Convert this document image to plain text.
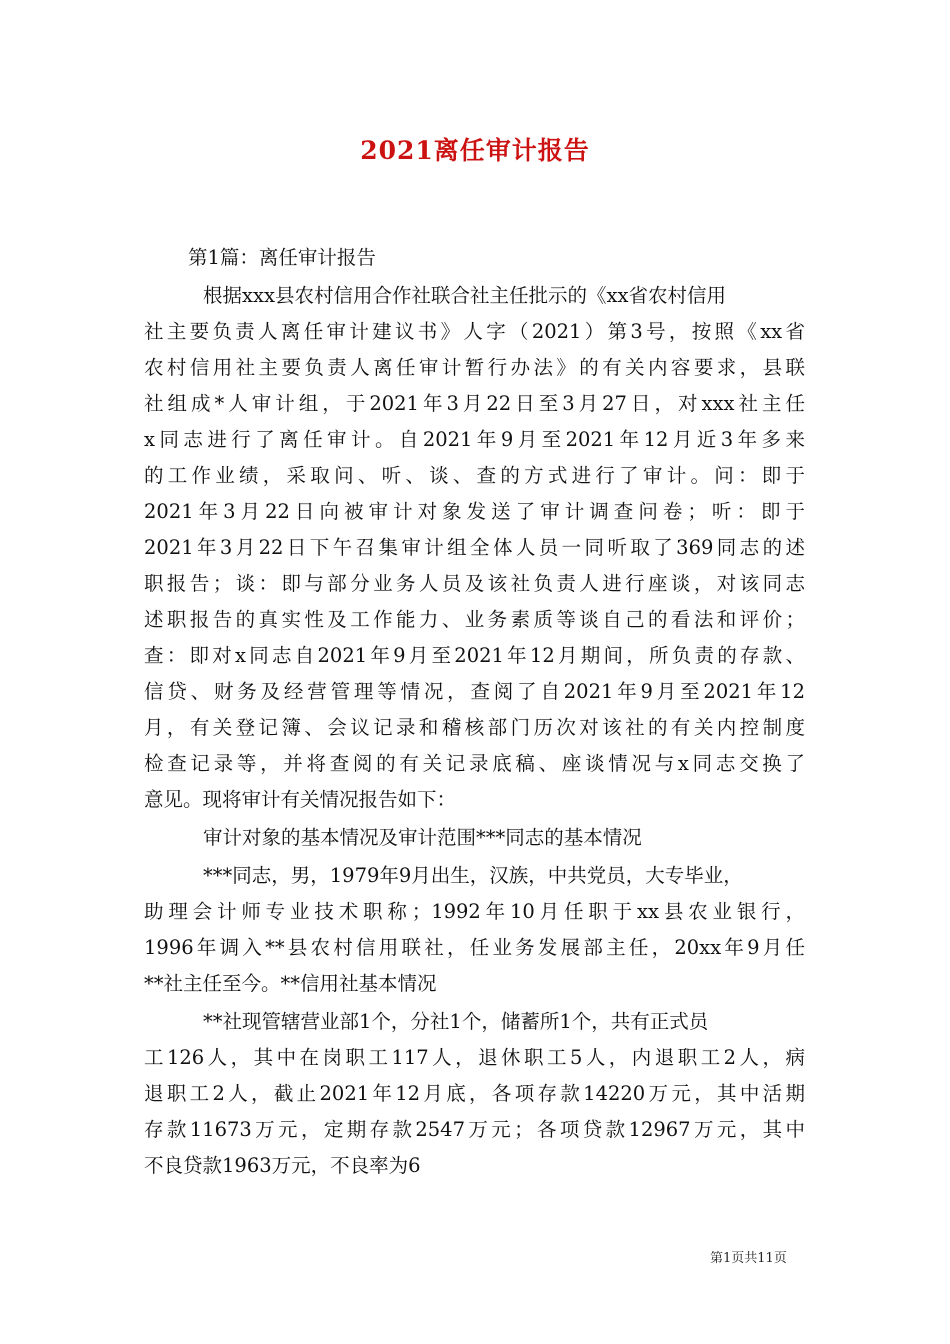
2021离任审计报告
第1篇：离任审计报告
根据xxx县农村信用合作社联合社主任批示的《xx省农村信用
社主要负责人离任审计建议书》人字（2021）第3号，按照《xx省
农村信用社主要负责人离任审计暂行办法》的有关内容要求，县联
社组成*人审计组，于2021年3月22日至3月27日，对xxx社主任
x同志进行了离任审计。自2021年9月至2021年12月近3年多来
的工作业绩，采取问、听、谈、查的方式进行了审计。问：即于
2021年3月22日向被审计对象发送了审计调查问卷；听：即于
2021年3月22日下午召集审计组全体人员一同听取了369同志的述
职报告；谈：即与部分业务人员及该社负责人进行座谈，对该同志
述职报告的真实性及工作能力、业务素质等谈自己的看法和评价；
查：即对x同志自2021年9月至2021年12月期间，所负责的存款、
信贷、财务及经营管理等情况，查阅了自2021年9月至2021年12
月，有关登记簿、会议记录和稽核部门历次对该社的有关内控制度
检查记录等，并将查阅的有关记录底稿、座谈情况与x同志交换了
意见。现将审计有关情况报告如下：
审计对象的基本情况及审计范围***同志的基本情况
***同志，男，1979年9月出生，汉族，中共党员，大专毕业，
助理会计师专业技术职称；1992年10月任职于xx县农业银行，
1996年调入**县农村信用联社，任业务发展部主任，20xx年9月任
**社主任至今。**信用社基本情况
**社现管辖营业部1个，分社1个，储蓄所1个，共有正式员
工126人，其中在岗职工117人，退休职工5人，内退职工2人，病
退职工2人，截止2021年12月底，各项存款14220万元，其中活期
存款11673万元，定期存款2547万元；各项贷款12967万元，其中
不良贷款1963万元，不良率为6
第1页共11页
